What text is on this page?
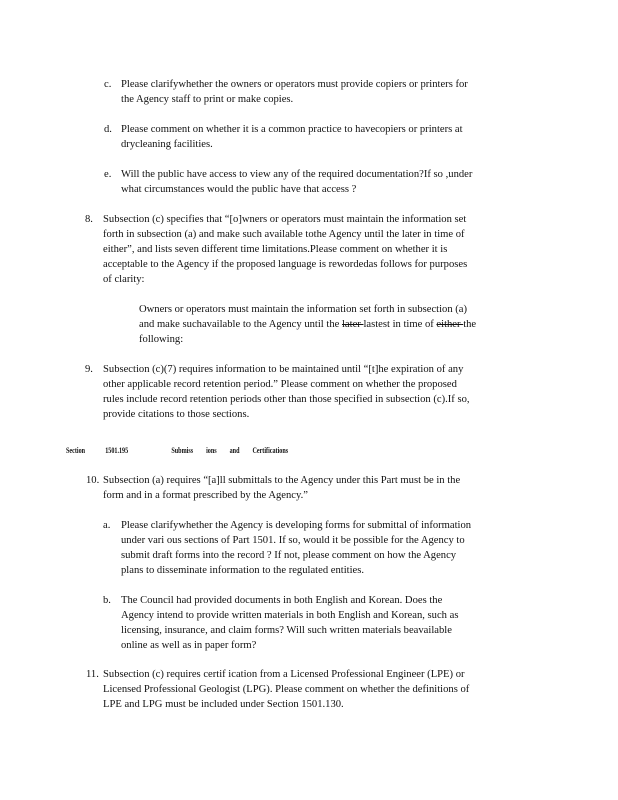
c. Please clarifywhether the owners or operators must provide copiers or printers for
the Agency staff to print or make copies.

d. Please comment on whether it is a common practice to havecopiers or printers at
drycleaning facilities.

e. Will the public have access to view any of the required documentation?If so ,under
what circumstances would the public have that access ?

8. Subsection (c) specifies that “[o]wners or operators must maintain the information set
forth in subsection (a) and make such available tothe Agency until the later in time of
either”, and lists seven different time limitations.Please comment on whether it is
acceptable to the Agency if the proposed language is rewordedas follows for purposes
of clarity:

Owners or operators must maintain the information set forth in subsection (a)
and make suchavailable to the Agency until the later lastest in time of either the
following:
9. Subsection (c)(7) requires information to be maintained until “[t]he expiration of any
other applicable record retention period.” Please comment on whether the proposed
rules include record retention periods other than those specified in subsection (c).If so,
provide citations to those sections.

Section 1501.195	Submiss ions and Certifications
10. Subsection (a) requires “[a]ll submittals to the Agency under this Part must be in the
form and in a format prescribed by the Agency.”

a. Please clarifywhether the Agency is developing forms for submittal of information
under vari ous sections of Part 1501. If so, would it be possible for the Agency to
submit draft forms into the record ? If not, please comment on how the Agency
plans to disseminate information to the regulated entities.

b. The Council had provided documents in both English and Korean. Does the
Agency intend to provide written materials in both English and Korean, such as
licensing, insurance, and claim forms? Will such written materials beavailable
online as well as in paper form?

11. Subsection (c) requires certif ication from a Licensed Professional Engineer (LPE) or
Licensed Professional Geologist (LPG). Please comment on whether the definitions of
LPE and LPG must be included under Section 1501.130.
